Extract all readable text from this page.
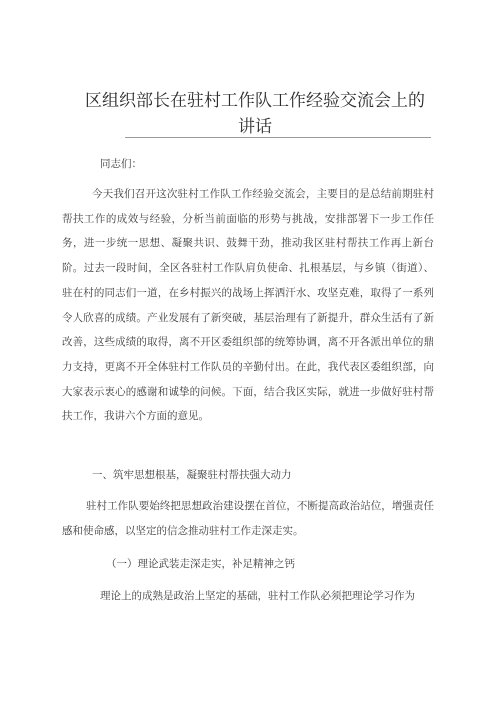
区组织部长在驻村工作队工作经验交流会上的讲话
同志们：
今天我们召开这次驻村工作队工作经验交流会，主要目的是总结前期驻村帮扶工作的成效与经验，分析当前面临的形势与挑战，安排部署下一步工作任务，进一步统一思想、凝聚共识、鼓舞干劲，推动我区驻村帮扶工作再上新台阶。过去一段时间，全区各驻村工作队肩负使命、扎根基层，与乡镇（街道）、驻在村的同志们一道，在乡村振兴的战场上挥洒汗水、攻坚克难，取得了一系列令人欣喜的成绩。产业发展有了新突破，基层治理有了新提升，群众生活有了新改善，这些成绩的取得，离不开区委组织部的统筹协调，离不开各派出单位的鼎力支持，更离不开全体驻村工作队员的辛勤付出。在此，我代表区委组织部，向大家表示衷心的感谢和诚挚的问候。下面，结合我区实际，就进一步做好驻村帮扶工作，我讲六个方面的意见。
一、筑牢思想根基，凝聚驻村帮扶强大动力
驻村工作队要始终把思想政治建设摆在首位，不断提高政治站位，增强责任感和使命感，以坚定的信念推动驻村工作走深走实。
（一）理论武装走深走实，补足精神之钙
理论上的成熟是政治上坚定的基础，驻村工作队必须把理论学习作为
